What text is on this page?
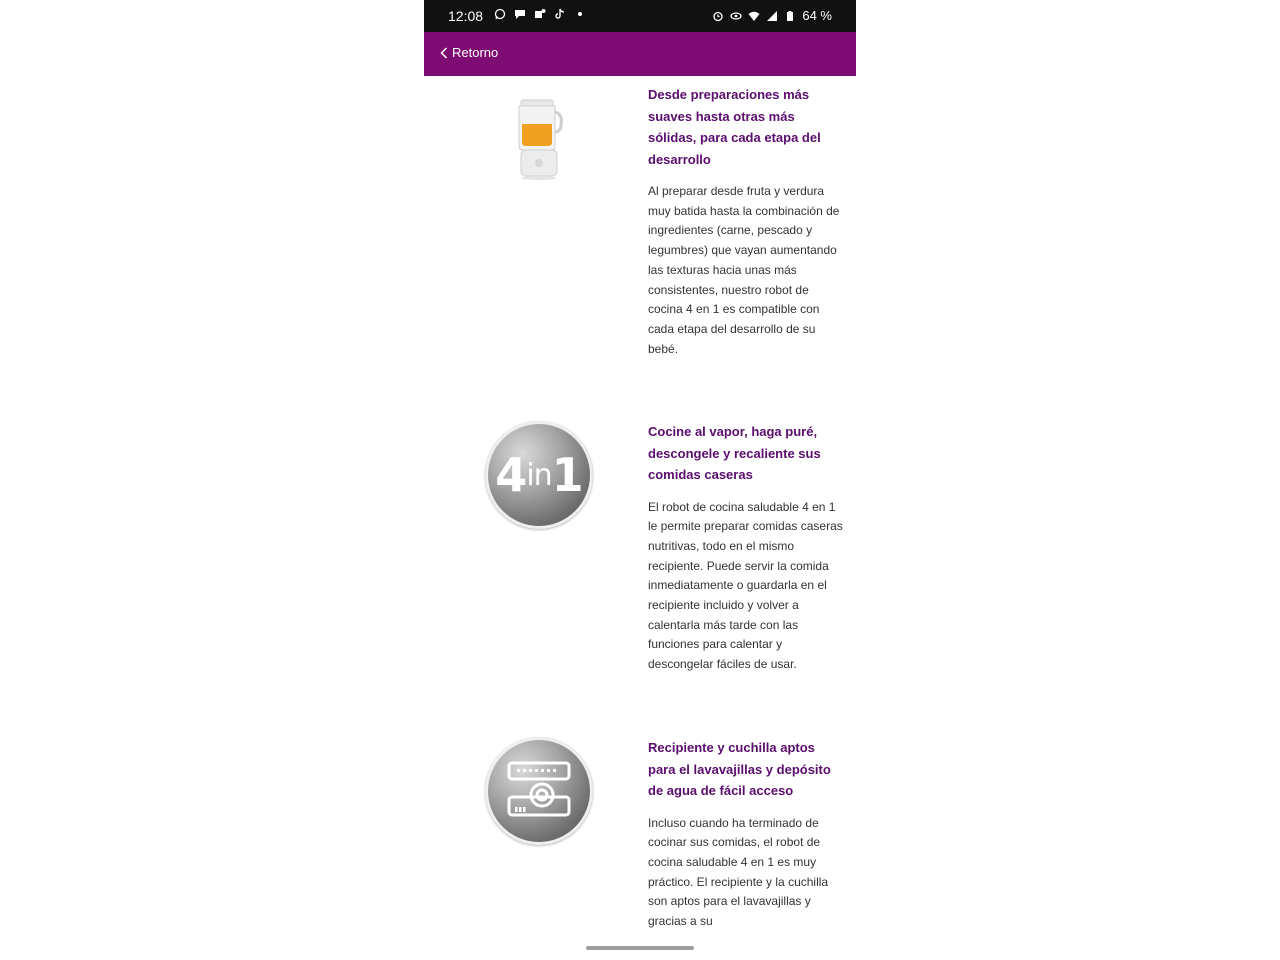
12:08	64 %
Retorno

Desde preparaciones más suaves hasta otras más sólidas, para cada etapa del desarrollo

Al preparar desde fruta y verdura muy batida hasta la combinación de ingredientes (carne, pescado y legumbres) que vayan aumentando las texturas hacia unas más consistentes, nuestro robot de cocina 4 en 1 es compatible con cada etapa del desarrollo de su bebé.

4 in 1

Cocine al vapor, haga puré, descongele y recaliente sus comidas caseras

El robot de cocina saludable 4 en 1 le permite preparar comidas caseras nutritivas, todo en el mismo recipiente. Puede servir la comida inmediatamente o guardarla en el recipiente incluido y volver a calentarla más tarde con las funciones para calentar y descongelar fáciles de usar.

Recipiente y cuchilla aptos para el lavavajillas y depósito de agua de fácil acceso

Incluso cuando ha terminado de cocinar sus comidas, el robot de cocina saludable 4 en 1 es muy práctico. El recipiente y la cuchilla son aptos para el lavavajillas y gracias a su
